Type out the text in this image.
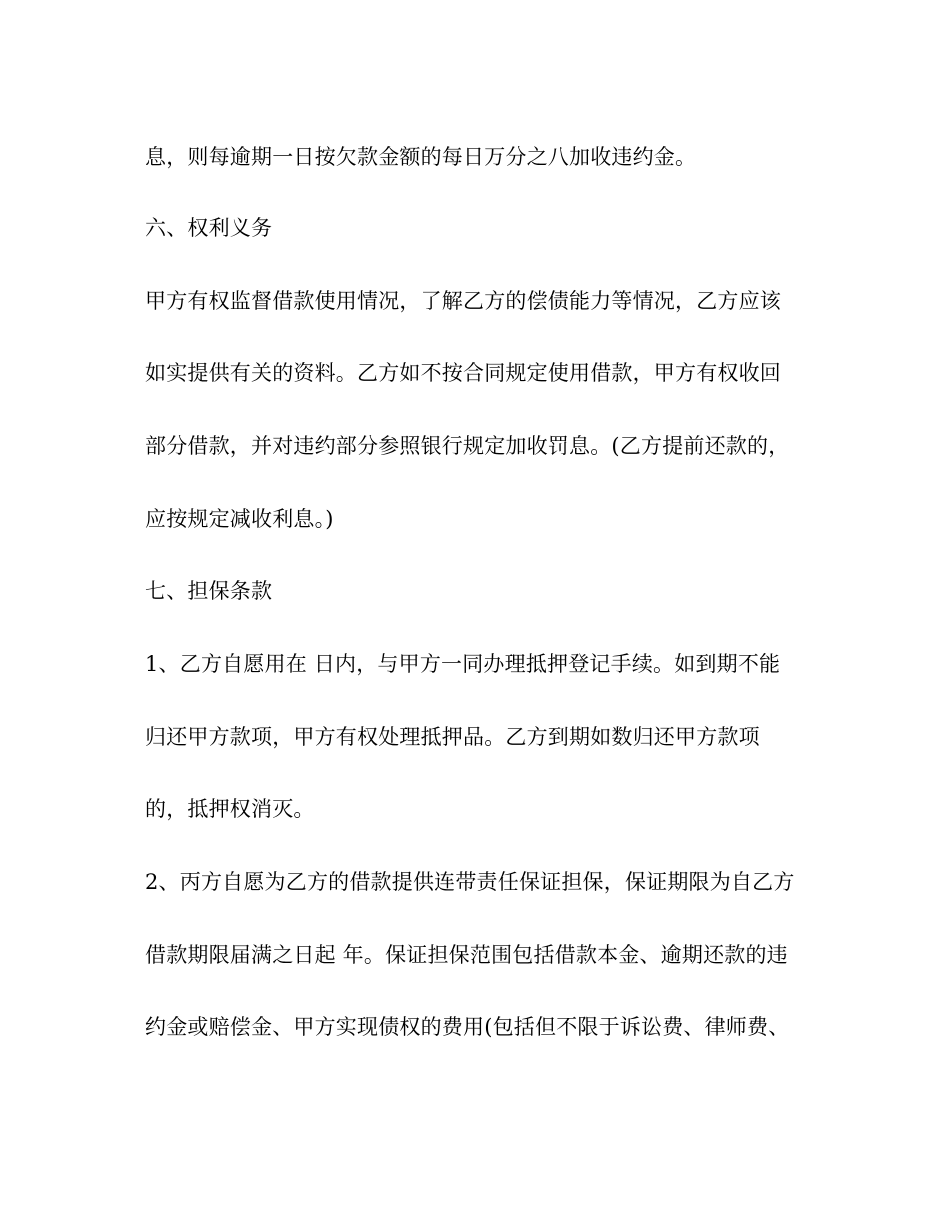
息，则每逾期一日按欠款金额的每日万分之八加收违约金。
六、权利义务
甲方有权监督借款使用情况，了解乙方的偿债能力等情况，乙方应该
如实提供有关的资料。乙方如不按合同规定使用借款，甲方有权收回
部分借款，并对违约部分参照银行规定加收罚息。(乙方提前还款的，
应按规定减收利息。)
七、担保条款
1、乙方自愿用在 日内，与甲方一同办理抵押登记手续。如到期不能
归还甲方款项，甲方有权处理抵押品。乙方到期如数归还甲方款项
的，抵押权消灭。
2、丙方自愿为乙方的借款提供连带责任保证担保，保证期限为自乙方
借款期限届满之日起 年。保证担保范围包括借款本金、逾期还款的违
约金或赔偿金、甲方实现债权的费用(包括但不限于诉讼费、律师费、
